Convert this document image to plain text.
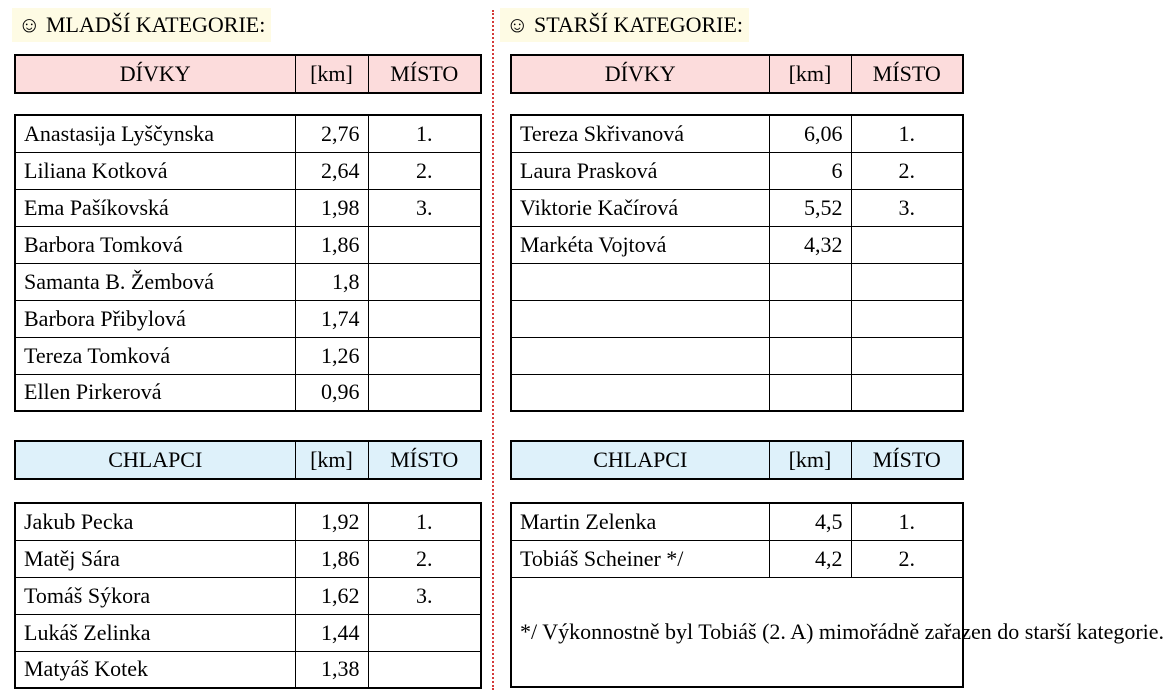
☺ MLADŠÍ KATEGORIE:	☺ STARŠÍ KATEGORIE:
DÍVKY	[km]	MÍSTO
Anastasija Lyščynska	2,76	1.
Liliana Kotková	2,64	2.
Ema Pašíkovská	1,98	3.
Barbora Tomková	1,86	
Samanta B. Žembová	1,8	
Barbora Přibylová	1,74	
Tereza Tomková	1,26	
Ellen Pirkerová	0,96	
CHLAPCI	[km]	MÍSTO
Jakub Pecka	1,92	1.
Matěj Sára	1,86	2.
Tomáš Sýkora	1,62	3.
Lukáš Zelinka	1,44	
Matyáš Kotek	1,38	
DÍVKY	[km]	MÍSTO
Tereza Skřivanová	6,06	1.
Laura Prasková	6	2.
Viktorie Kačírová	5,52	3.
Markéta Vojtová	4,32	

CHLAPCI	[km]	MÍSTO
Martin Zelenka	4,5	1.
Tobiáš Scheiner */	4,2	2.
*/ Výkonnostně byl Tobiáš (2. A) mimořádně zařazen do starší kategorie.		
